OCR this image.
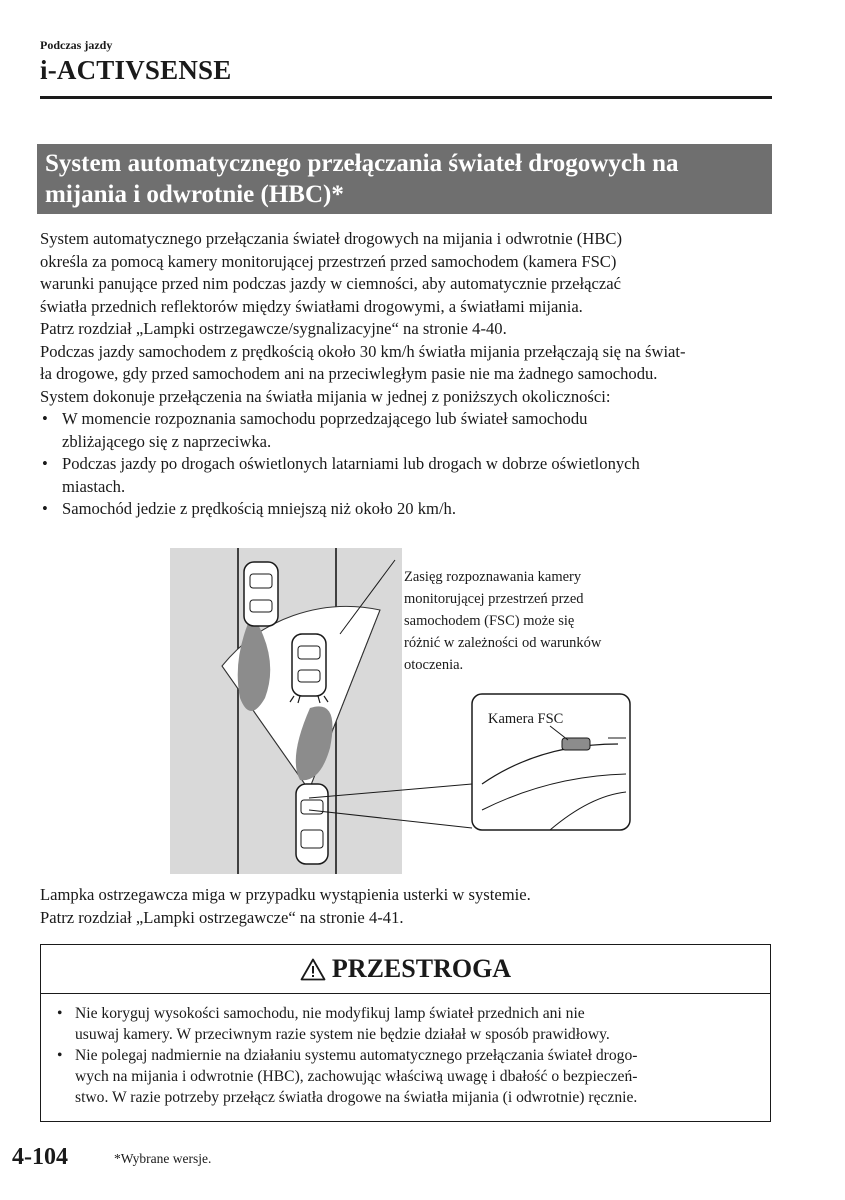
Podczas jazdy
i-ACTIVSENSE
System automatycznego przełączania świateł drogowych na
mijania i odwrotnie (HBC)*

System automatycznego przełączania świateł drogowych na mijania i odwrotnie (HBC)

określa za pomocą kamery monitorującej przestrzeń przed samochodem (kamera FSC)

warunki panujące przed nim podczas jazdy w ciemności, aby automatycznie przełączać

światła przednich reflektorów między światłami drogowymi, a światłami mijania.

Patrz rozdział „Lampki ostrzegawcze/sygnalizacyjne“ na stronie 4-40.

Podczas jazdy samochodem z prędkością około 30 km/h światła mijania przełączają się na świat-

ła drogowe, gdy przed samochodem ani na przeciwległym pasie nie ma żadnego samochodu.

System dokonuje przełączenia na światła mijania w jednej z poniższych okoliczności:

• W momencie rozpoznania samochodu poprzedzającego lub świateł samochodu
zbliżającego się z naprzeciwka.
• Podczas jazdy po drogach oświetlonych latarniami lub drogach w dobrze oświetlonych
miastach.
• Samochód jedzie z prędkością mniejszą niż około 20 km/h.
Zasięg rozpoznawania kamery
monitorującej przestrzeń przed
samochodem (FSC) może się
różnić w zależności od warunków
otoczenia.
Kamera FSC

Lampka ostrzegawcza miga w przypadku wystąpienia usterki w systemie.

Patrz rozdział „Lampki ostrzegawcze“ na stronie 4-41.

PRZESTROGA
• Nie koryguj wysokości samochodu, nie modyfikuj lamp świateł przednich ani nie
usuwaj kamery. W przeciwnym razie system nie będzie działał w sposób prawidłowy.
• Nie polegaj nadmiernie na działaniu systemu automatycznego przełączania świateł drogo-
wych na mijania i odwrotnie (HBC), zachowując właściwą uwagę i dbałość o bezpieczeń-
stwo. W razie potrzeby przełącz światła drogowe na światła mijania (i odwrotnie) ręcznie.
4-104	*Wybrane wersje.
